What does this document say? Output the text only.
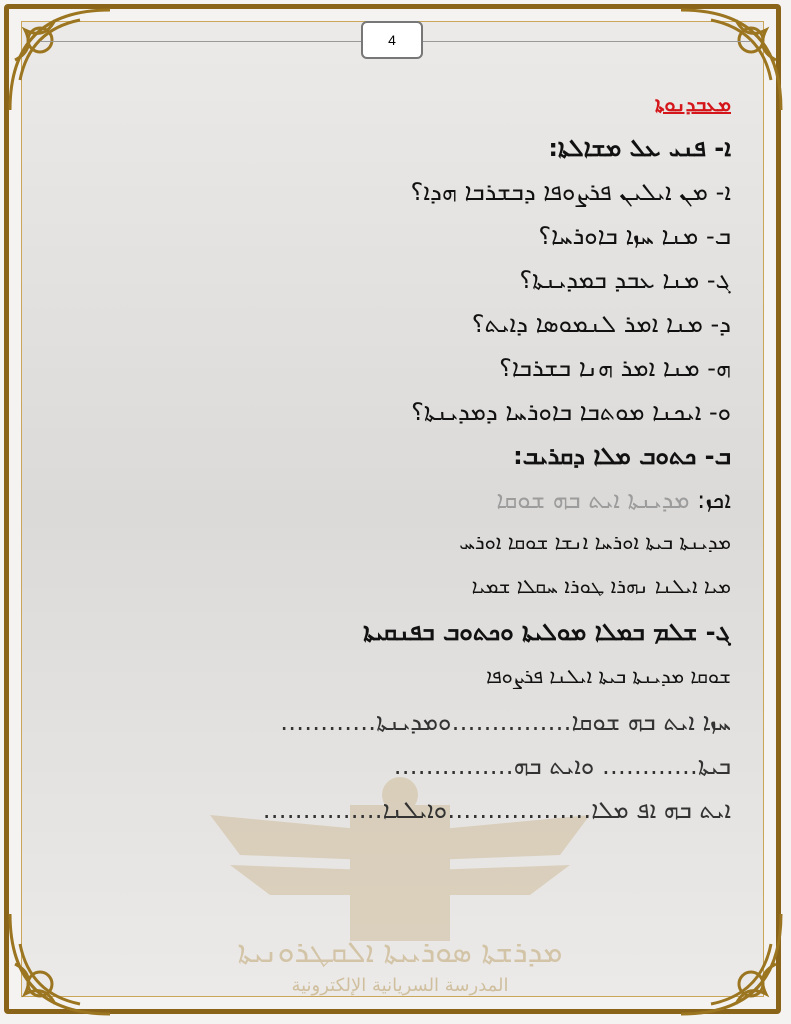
4
ܡܕܪܫܬܐ ܣܘܪܝܝܬܐ ܐܠܩܛܪܘܢܝܬܐ
المدرسة السريانية الإلكترونية
ܡܥܒܕܢܘܬܐ
ܐ- ܦܢܝ ܥܠ ܡܫܐܠܬܐ:
ܐ- ܡܢ ܐܝܠܝܢ ܦܪܨܘܦܐ ܕܒܫܪܒܐ ܗܕܐ؟
ܒ- ܡܢܐ ܚܙܐ ܒܐܘܪܚܐ؟
ܓ- ܡܢܐ ܥܒܕ ܒܡܕܝܢܬܐ؟
ܕ- ܡܢܐ ܐܡܪ ܠܢܡܘܣܐ ܕܐܝܬ؟
ܗ- ܡܢܐ ܐܡܪ ܗܢܐ ܒܫܪܒܐ؟
ܘ- ܐܝܟܢܐ ܡܘܬܒܐ ܒܐܘܪܚܐ ܕܡܕܝܢܬܐ؟
ܒ- ܟܬܘܒ ܡܠܐ ܕܩܪܝܒ:
ܐܟܙ: ܡܕܝܢܬܐ ܐܝܬ ܒܗ ܫܘܩܐ
ܡܕܝܢܬܐ ܒܝܬܐ ܐܘܪܚܐ ܐܢܫܐ ܫܘܩܐ ܐܘܪܚ
ܡܝܐ ܐܝܠܢܐ ܢܗܪܐ ܛܘܪܐ ܚܩܠܐ ܫܡܝܐ
ܓ- ܫܠܡ ܒܡܠܐ ܡܘܠܝܬܐ ܘܟܬܘܒ ܒܦܢܩܝܬܐ
ܫܘܩܐ ܡܕܝܢܬܐ ܒܝܬܐ ܐܝܠܢܐ ܦܪܨܘܦܐ
ܚܙܐ ܐܝܬ ܒܗ ܫܘܩܐ……………ܘܡܕܝܢܬܐ…………
ܒܝܬܐ………… ܘܐܝܬ ܒܗ……………
ܐܝܬ ܒܗ ܐܦ ܡܠܐ………………ܘܐܝܠܢܐ……………
